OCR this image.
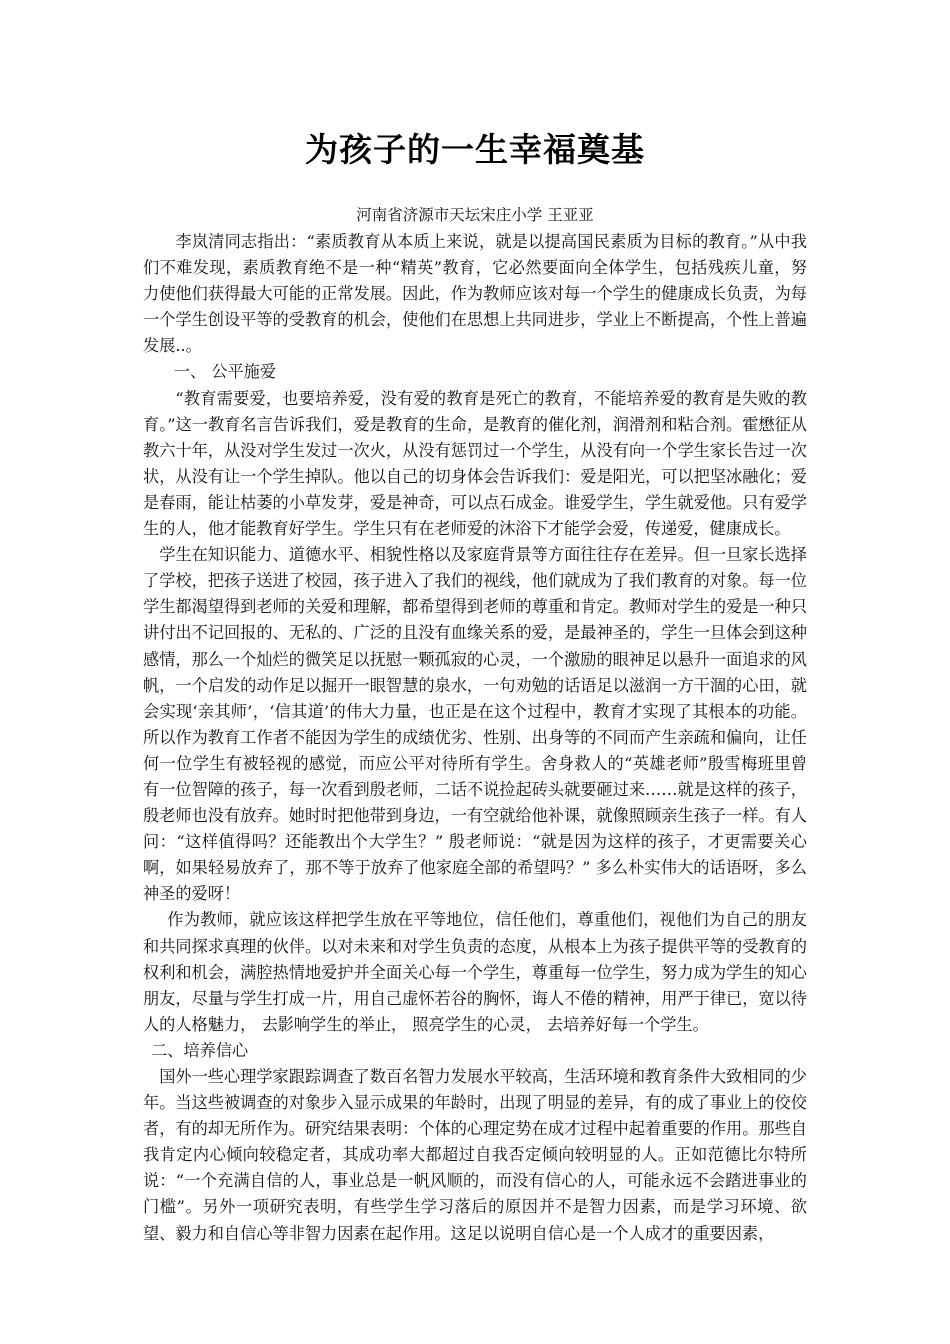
为孩子的一生幸福奠基

河南省济源市天坛宋庄小学 王亚亚

李岚清同志指出：“素质教育从本质上来说，就是以提高国民素质为目标的教育。”从中我们不难发现，素质教育绝不是一种“精英”教育，它必然要面向全体学生，包括残疾儿童，努力使他们获得最大可能的正常发展。因此，作为教师应该对每一个学生的健康成长负责，为每一个学生创设平等的受教育的机会，使他们在思想上共同进步，学业上不断提高，个性上普遍发展..。

一、 公平施爱

“教育需要爱，也要培养爱，没有爱的教育是死亡的教育，不能培养爱的教育是失败的教育。”这一教育名言告诉我们，爱是教育的生命，是教育的催化剂，润滑剂和粘合剂。霍懋征从教六十年，从没对学生发过一次火，从没有惩罚过一个学生，从没有向一个学生家长告过一次状，从没有让一个学生掉队。他以自己的切身体会告诉我们：爱是阳光，可以把坚冰融化；爱是春雨，能让枯萎的小草发芽，爱是神奇，可以点石成金。谁爱学生，学生就爱他。只有爱学生的人，他才能教育好学生。学生只有在老师爱的沐浴下才能学会爱，传递爱，健康成长。

学生在知识能力、道德水平、相貌性格以及家庭背景等方面往往存在差异。但一旦家长选择了学校，把孩子送进了校园，孩子进入了我们的视线，他们就成为了我们教育的对象。每一位学生都渴望得到老师的关爱和理解，都希望得到老师的尊重和肯定。教师对学生的爱是一种只讲付出不记回报的、无私的、广泛的且没有血缘关系的爱，是最神圣的，学生一旦体会到这种感情，那么一个灿烂的微笑足以抚慰一颗孤寂的心灵，一个激励的眼神足以悬升一面追求的风帆，一个启发的动作足以掘开一眼智慧的泉水，一句劝勉的话语足以滋润一方干涸的心田，就会实现‘亲其师’，‘信其道’的伟大力量，也正是在这个过程中，教育才实现了其根本的功能。所以作为教育工作者不能因为学生的成绩优劣、性别、出身等的不同而产生亲疏和偏向，让任何一位学生有被轻视的感觉，而应公平对待所有学生。舍身救人的“英雄老师”殷雪梅班里曾有一位智障的孩子，每一次看到殷老师，二话不说捡起砖头就要砸过来……就是这样的孩子，殷老师也没有放弃。她时时把他带到身边，一有空就给他补课，就像照顾亲生孩子一样。有人问：“这样值得吗？还能教出个大学生？” 殷老师说：“就是因为这样的孩子，才更需要关心啊，如果轻易放弃了，那不等于放弃了他家庭全部的希望吗？” 多么朴实伟大的话语呀，多么神圣的爱呀！

作为教师，就应该这样把学生放在平等地位，信任他们，尊重他们，视他们为自己的朋友和共同探求真理的伙伴。以对未来和对学生负责的态度，从根本上为孩子提供平等的受教育的权利和机会，满腔热情地爱护并全面关心每一个学生，尊重每一位学生，努力成为学生的知心朋友，尽量与学生打成一片，用自己虚怀若谷的胸怀，诲人不倦的精神，用严于律已，宽以待人的人格魅力， 去影响学生的举止， 照亮学生的心灵， 去培养好每一个学生。

二、培养信心

国外一些心理学家跟踪调查了数百名智力发展水平较高，生活环境和教育条件大致相同的少年。当这些被调查的对象步入显示成果的年龄时，出现了明显的差异，有的成了事业上的佼佼者，有的却无所作为。研究结果表明：个体的心理定势在成才过程中起着重要的作用。那些自我肯定内心倾向较稳定者，其成功率大都超过自我否定倾向较明显的人。正如范德比尔特所说：“一个充满自信的人，事业总是一帆风顺的，而没有信心的人，可能永远不会踏进事业的门槛”。另外一项研究表明，有些学生学习落后的原因并不是智力因素，而是学习环境、欲望、毅力和自信心等非智力因素在起作用。这足以说明自信心是一个人成才的重要因素，
